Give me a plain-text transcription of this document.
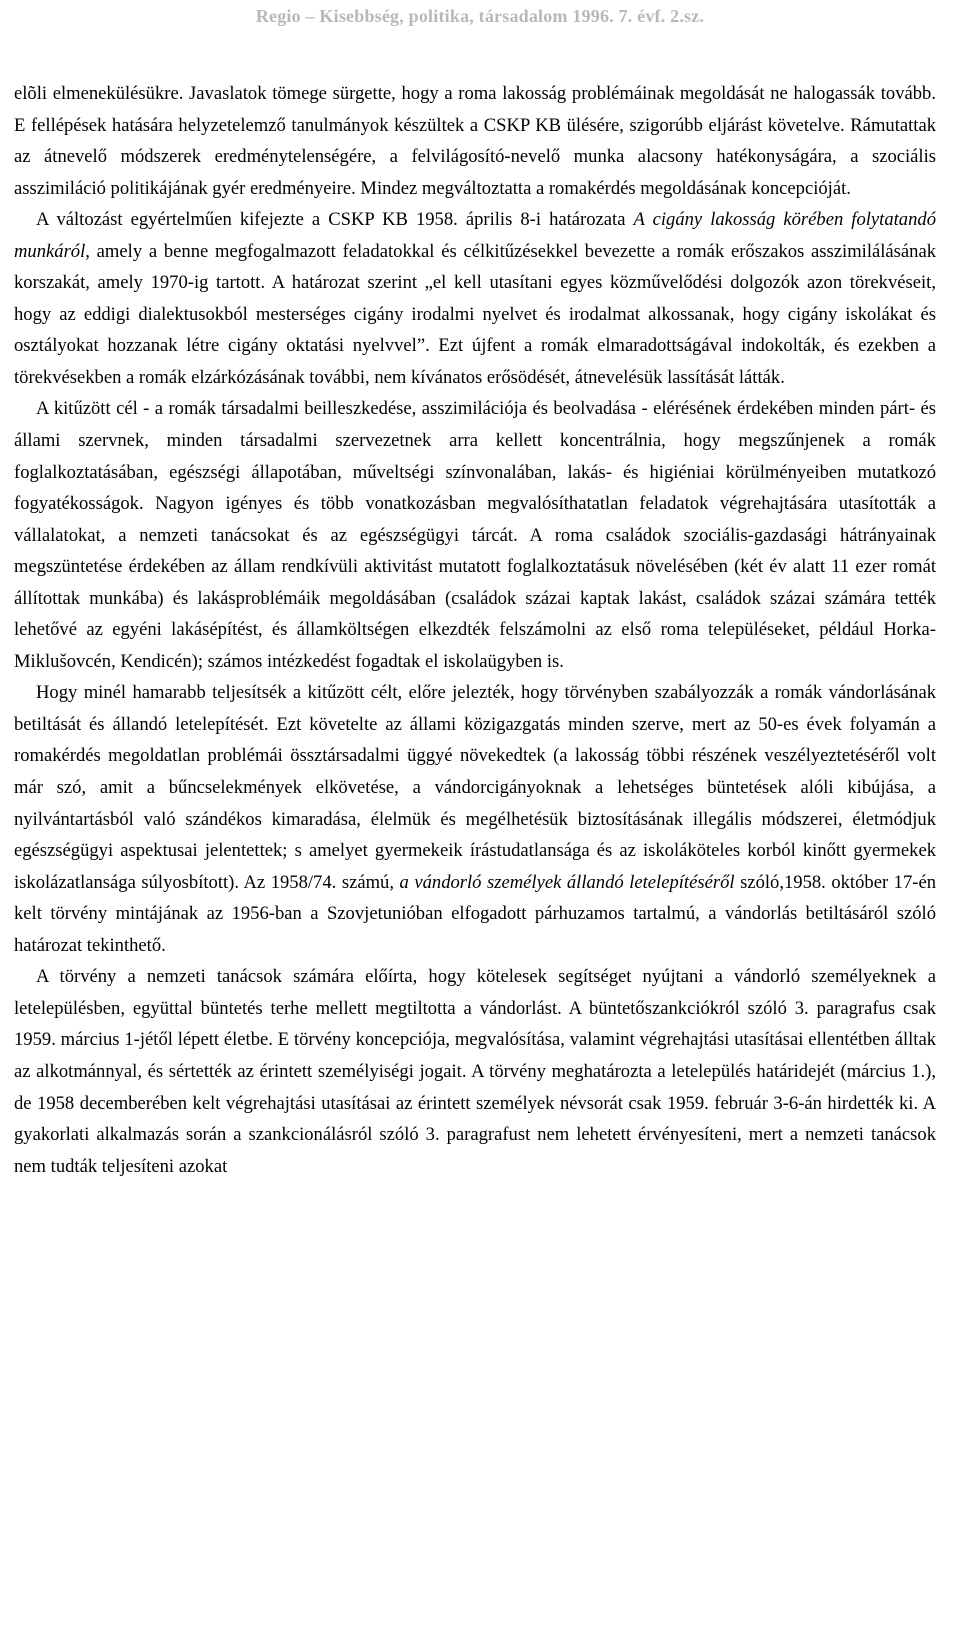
Regio – Kisebbség, politika, társadalom 1996. 7. évf. 2.sz.

elõli elmenekülésükre. Javaslatok tömege sürgette, hogy a roma lakosság problémáinak megoldását ne halogassák tovább. E fellépések hatására helyzetelemző tanulmányok készültek a CSKP KB ülésére, szigorúbb eljárást követelve. Rámutattak az átnevelő módszerek eredménytelenségére, a felvilágosító-nevelő munka alacsony hatékonyságára, a szociális asszimiláció politikájának gyér eredményeire. Mindez megváltoztatta a romakérdés megoldásának koncepcióját.

A változást egyértelműen kifejezte a CSKP KB 1958. április 8-i határozata A cigány lakosság körében folytatandó munkáról, amely a benne megfogalmazott feladatokkal és célkitűzésekkel bevezette a romák erőszakos asszimilálásának korszakát, amely 1970-ig tartott. A határozat szerint „el kell utasítani egyes közművelődési dolgozók azon törekvéseit, hogy az eddigi dialektusokból mesterséges cigány irodalmi nyelvet és irodalmat alkossanak, hogy cigány iskolákat és osztályokat hozzanak létre cigány oktatási nyelvvel”. Ezt újfent a romák elmaradottságával indokolták, és ezekben a törekvésekben a romák elzárkózásának további, nem kívánatos erősödését, átnevelésük lassítását látták.

A kitűzött cél - a romák társadalmi beilleszkedése, asszimilációja és beolvadása - elérésének érdekében minden párt- és állami szervnek, minden társadalmi szervezetnek arra kellett koncentrálnia, hogy megszűnjenek a romák foglalkoztatásában, egészségi állapotában, műveltségi színvonalában, lakás- és higiéniai körülményeiben mutatkozó fogyatékosságok. Nagyon igényes és több vonatkozásban megvalósíthatatlan feladatok végrehajtására utasították a vállalatokat, a nemzeti tanácsokat és az egészségügyi tárcát. A roma családok szociális-gazdasági hátrányainak megszüntetése érdekében az állam rendkívüli aktivitást mutatott foglalkoztatásuk növelésében (két év alatt 11 ezer romát állítottak munkába) és lakásproblémáik megoldásában (családok százai kaptak lakást, családok százai számára tették lehetővé az egyéni lakásépítést, és államköltségen elkezdték felszámolni az első roma településeket, például Horka-Miklušovcén, Kendicén); számos intézkedést fogadtak el iskolaügyben is.

Hogy minél hamarabb teljesítsék a kitűzött célt, előre jelezték, hogy törvényben szabályozzák a romák vándorlásának betiltását és állandó letelepítését. Ezt követelte az állami közigazgatás minden szerve, mert az 50-es évek folyamán a romakérdés megoldatlan problémái össztársadalmi üggyé növekedtek (a lakosság többi részének veszélyeztetéséről volt már szó, amit a bűncselekmények elkövetése, a vándorcigányoknak a lehetséges büntetések alóli kibújása, a nyilvántartásból való szándékos kimaradása, élelmük és megélhetésük biztosításának illegális módszerei, életmódjuk egészségügyi aspektusai jelentettek; s amelyet gyermekeik írástudatlansága és az iskoláköteles korból kinőtt gyermekek iskolázatlansága súlyosbított). Az 1958/74. számú, a vándorló személyek állandó letelepítéséről szóló,1958. október 17-én kelt törvény mintájának az 1956-ban a Szovjetunióban elfogadott párhuzamos tartalmú, a vándorlás betiltásáról szóló határozat tekinthető.

A törvény a nemzeti tanácsok számára előírta, hogy kötelesek segítséget nyújtani a vándorló személyeknek a letelepülésben, együttal büntetés terhe mellett megtiltotta a vándorlást. A büntetőszankciókról szóló 3. paragrafus csak 1959. március 1-jétől lépett életbe. E törvény koncepciója, megvalósítása, valamint végrehajtási utasításai ellentétben álltak az alkotmánnyal, és sértették az érintett személyiségi jogait. A törvény meghatározta a letelepülés határidejét (március 1.), de 1958 decemberében kelt végrehajtási utasításai az érintett személyek névsorát csak 1959. február 3-6-án hirdették ki. A gyakorlati alkalmazás során a szankcionálásról szóló 3. paragrafust nem lehetett érvényesíteni, mert a nemzeti tanácsok nem tudták teljesíteni azokat
